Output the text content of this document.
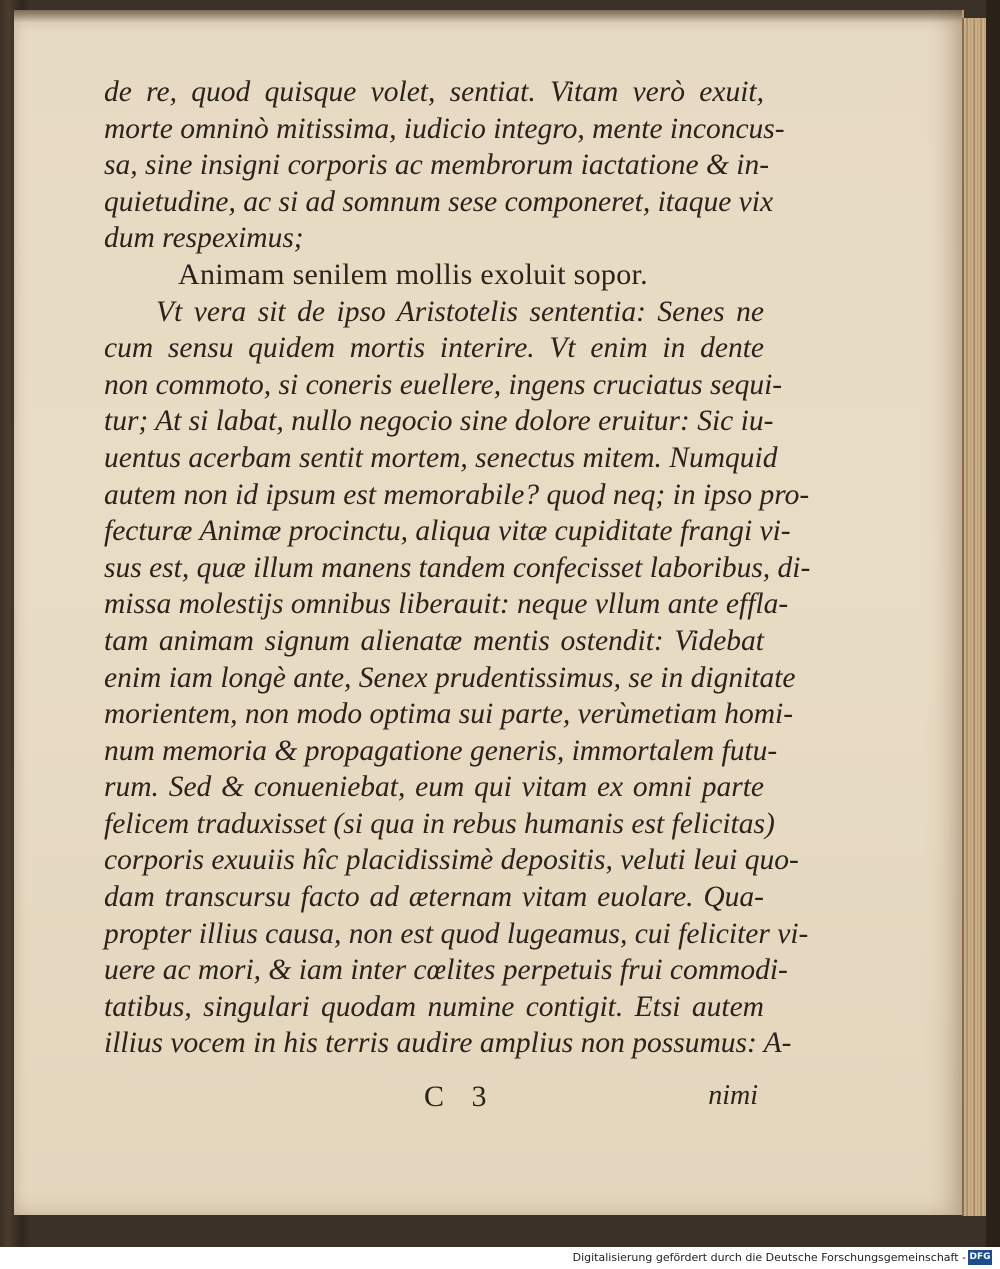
de re, quod quisque volet, sentiat. Vitam verò exuit,
morte omninò mitissima, iudicio integro, mente inconcus-
sa, sine insigni corporis ac membrorum iactatione & in-
quietudine, ac si ad somnum sese componeret, itaque vix
dum respeximus;
Animam senilem mollis exoluit sopor.
Vt vera sit de ipso Aristotelis sententia: Senes ne
cum sensu quidem mortis interire. Vt enim in dente
non commoto, si coneris euellere, ingens cruciatus sequi-
tur; At si labat, nullo negocio sine dolore eruitur: Sic iu-
uentus acerbam sentit mortem, senectus mitem. Numquid
autem non id ipsum est memorabile? quod neq; in ipso pro-
fecturæ Animæ procinctu, aliqua vitæ cupiditate frangi vi-
sus est, quæ illum manens tandem confecisset laboribus, di-
missa molestijs omnibus liberauit: neque vllum ante effla-
tam animam signum alienatæ mentis ostendit: Videbat
enim iam longè ante, Senex prudentissimus, se in dignitate
morientem, non modo optima sui parte, verùmetiam homi-
num memoria & propagatione generis, immortalem futu-
rum. Sed & conueniebat, eum qui vitam ex omni parte
felicem traduxisset (si qua in rebus humanis est felicitas)
corporis exuuiis hîc placidissimè depositis, veluti leui quo-
dam transcursu facto ad æternam vitam euolare. Qua-
propter illius causa, non est quod lugeamus, cui feliciter vi-
uere ac mori, & iam inter cœlites perpetuis frui commodi-
tatibus, singulari quodam numine contigit. Etsi autem
illius vocem in his terris audire amplius non possumus: A-
C 3	nimi
Digitalisierung gefördert durch die Deutsche Forschungsgemeinschaft - DFG
